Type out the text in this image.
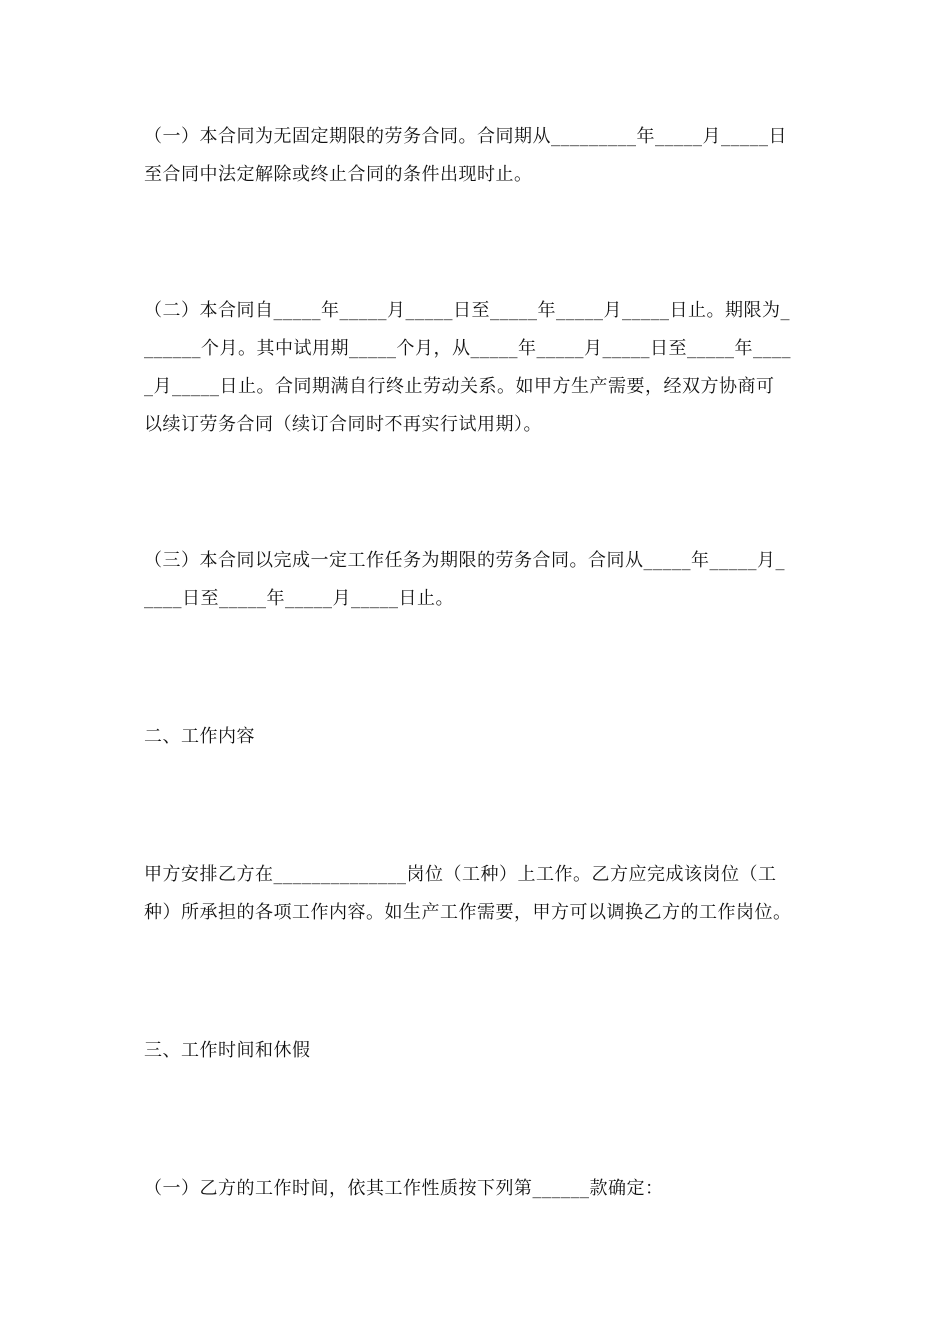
（一）本合同为无固定期限的劳务合同。合同期从_________年_____月_____日
至合同中法定解除或终止合同的条件出现时止。
（二）本合同自_____年_____月_____日至_____年_____月_____日止。期限为_
______个月。其中试用期_____个月，从_____年_____月_____日至_____年____
_月_____日止。合同期满自行终止劳动关系。如甲方生产需要，经双方协商可
以续订劳务合同（续订合同时不再实行试用期）。
（三）本合同以完成一定工作任务为期限的劳务合同。合同从_____年_____月_
____日至_____年_____月_____日止。
二、工作内容
甲方安排乙方在______________岗位（工种）上工作。乙方应完成该岗位（工
种）所承担的各项工作内容。如生产工作需要，甲方可以调换乙方的工作岗位。
三、工作时间和休假
（一）乙方的工作时间，依其工作性质按下列第______款确定：
